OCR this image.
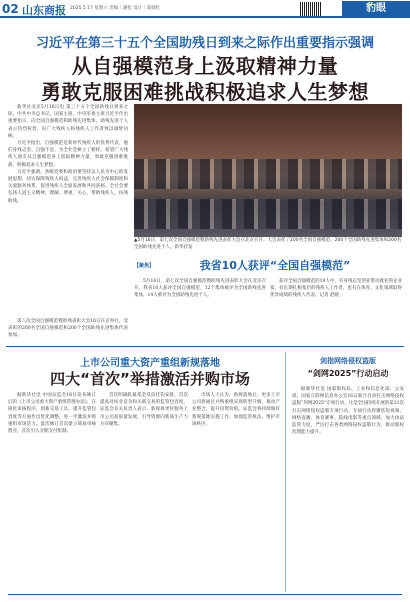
02 山东商报 2025.5.17 星期六 责编｜潘松 设计｜邵婧红	豹眼
习近平在第三十五个全国助残日到来之际作出重要指示强调
从自强模范身上汲取精神力量
勇敢克服困难挑战积极追求人生梦想

新华社北京5月16日电 第三十五个全国助残日到来之际，中共中央总书记、国家主席、中央军委主席习近平作出重要指示，向全国自强模范和助残先进集体、助残先进个人表示热烈祝贺，向广大残疾人和残疾人工作者致以诚挚问候。

习近平指出，自强模范是新时代残疾人的优秀代表，他们身残志坚、自强不息，为全社会树立了榜样。希望广大残疾人朋友从自强模范身上汲取精神力量，勇敢克服困难挑战，积极追求人生梦想。

习近平强调，各级党委和政府要坚持以人民为中心的发展思想，切实保障残疾人权益，完善残疾人社会保障制度和关爱服务体系，促进残疾人全面发展和共同富裕。全社会要弘扬人道主义精神，理解、尊重、关心、帮助残疾人，扶残助残。

第八次全国自强模范暨助残表彰大会16日在京举行，受表彰的200名全国自强模范和200个全国助残先进集体代表参加。

▲5月16日，第七次全国自强模范暨助残先进表彰大会在北京召开。大会表彰了200名全国自强模范、200个全国助残先进集体和200名全国助残先进个人。新华社发
【聚焦】	我省10人获评“全国自强模范”

5月16日，第七次全国自强模范暨助残先进表彰大会在北京召开。我省10人获评全国自强模范，12个集体被评为全国助残先进集体，14人被评为全国助残先进个人。

获评全国自强模范的10人中，有身残志坚创业带动就业的企业家，有长期扎根基层的残疾人工作者，也有在体育、文化领域取得优异成绩的残疾人代表。记者 赵晓

上市公司重大资产重组新规落地
四大“首次”举措激活并购市场

据新华社电 中国证监会16日发布修订后的《上市公司重大资产重组管理办法》，在简化审核程序、创新交易工具、提升监管包容度等方面作出优化调整，进一步激发并购重组市场活力。此次修订首次建立简易审核程序，首次引入分期支付机制。

首次明确私募基金反向挂钩安排，首次提高对同业竞争和关联交易的监管包容度。证监会有关负责人表示，新规将更好服务上市公司高质量发展，引导资源向新质生产力方向聚集。

市场人士认为，新规落地后，更多上市公司将通过并购重组实现转型升级，推动产业整合，提升投资价值。证监会将持续做好新规落地实施工作，加强监管执法，维护市场秩序。

剑指网络侵权盗版
“剑网2025”行动启动

据新华社电 国家版权局、工业和信息化部、公安部、国家互联网信息办公室16日联合启动打击网络侵权盗版“剑网2025”专项行动。这是全国持续开展的第21次打击网络侵权盗版专项行动。专项行动将聚焦短视频、网络直播、体育赛事、院线电影等重点领域，加大执法监管力度，严厉打击各类网络侵权盗版行为，推动版权治理能力提升。
